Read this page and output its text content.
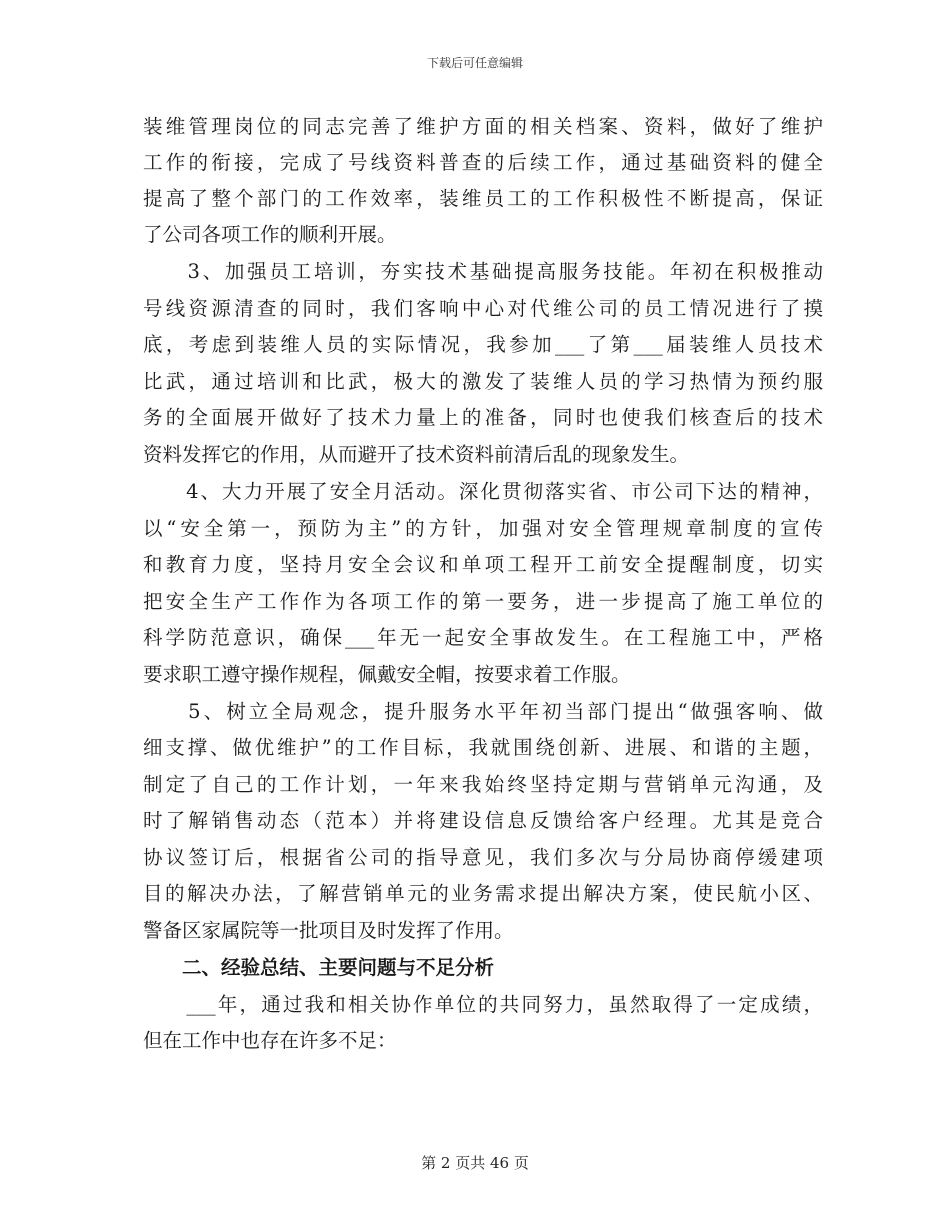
下载后可任意编辑
装维管理岗位的同志完善了维护方面的相关档案、资料，做好了维护
工作的衔接，完成了号线资料普查的后续工作，通过基础资料的健全
提高了整个部门的工作效率，装维员工的工作积极性不断提高，保证
了公司各项工作的顺利开展。
　　3、加强员工培训，夯实技术基础提高服务技能。年初在积极推动
号线资源清查的同时，我们客响中心对代维公司的员工情况进行了摸
底，考虑到装维人员的实际情况，我参加___了第___届装维人员技术
比武，通过培训和比武，极大的激发了装维人员的学习热情为预约服
务的全面展开做好了技术力量上的准备，同时也使我们核查后的技术
资料发挥它的作用，从而避开了技术资料前清后乱的现象发生。
　　4、大力开展了安全月活动。深化贯彻落实省、市公司下达的精神，
以“安全第一，预防为主”的方针，加强对安全管理规章制度的宣传
和教育力度，坚持月安全会议和单项工程开工前安全提醒制度，切实
把安全生产工作作为各项工作的第一要务，进一步提高了施工单位的
科学防范意识，确保___年无一起安全事故发生。在工程施工中，严格
要求职工遵守操作规程，佩戴安全帽，按要求着工作服。
　　5、树立全局观念，提升服务水平年初当部门提出“做强客响、做
细支撑、做优维护”的工作目标，我就围绕创新、进展、和谐的主题，
制定了自己的工作计划，一年来我始终坚持定期与营销单元沟通，及
时了解销售动态（范本）并将建设信息反馈给客户经理。尤其是竞合
协议签订后，根据省公司的指导意见，我们多次与分局协商停缓建项
目的解决办法，了解营销单元的业务需求提出解决方案，使民航小区、
警备区家属院等一批项目及时发挥了作用。
　　二、经验总结、主要问题与不足分析
　　___年，通过我和相关协作单位的共同努力，虽然取得了一定成绩，
但在工作中也存在许多不足：
第 2 页共 46 页
